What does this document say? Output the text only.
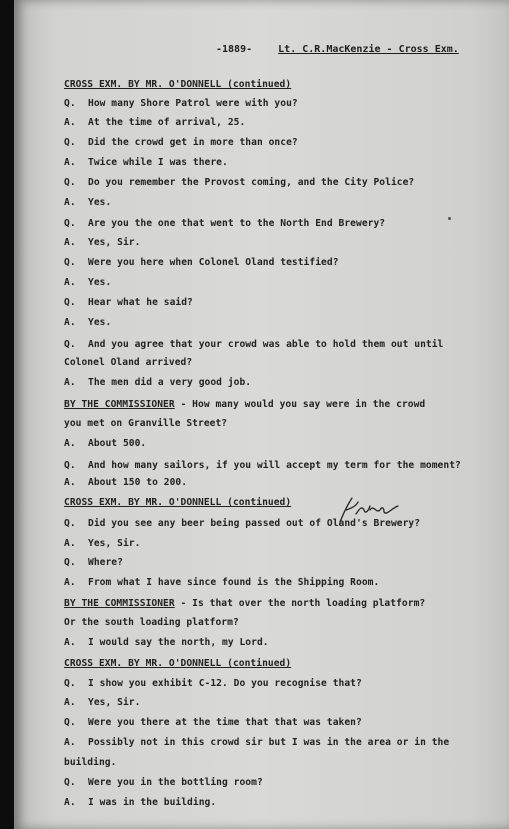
-1889-	Lt. C.R.MacKenzie - Cross Exm.
CROSS EXM. BY MR. O'DONNELL (continued)
Q. How many Shore Patrol were with you?
A. At the time of arrival, 25.
Q. Did the crowd get in more than once?
A. Twice while I was there.
Q. Do you remember the Provost coming, and the City Police?
A. Yes.
Q. Are you the one that went to the North End Brewery?
A. Yes, Sir.
Q. Were you here when Colonel Oland testified?
A. Yes.
Q. Hear what he said?
A. Yes.
Q. And you agree that your crowd was able to hold them out until
Colonel Oland arrived?
A. The men did a very good job.
BY THE COMMISSIONER - How many would you say were in the crowd
you met on Granville Street?
A. About 500.
Q. And how many sailors, if you will accept my term for the moment?
A. About 150 to 200.
CROSS EXM. BY MR. O'DONNELL (continued)
Q. Did you see any beer being passed out of Oland's Brewery?
A. Yes, Sir.
Q. Where?
A. From what I have since found is the Shipping Room.
BY THE COMMISSIONER - Is that over the north loading platform?
Or the south loading platform?
A. I would say the north, my Lord.
CROSS EXM. BY MR. O'DONNELL (continued)
Q. I show you exhibit C-12. Do you recognise that?
A. Yes, Sir.
Q. Were you there at the time that that was taken?
A. Possibly not in this crowd sir but I was in the area or in the
building.
Q. Were you in the bottling room?
A. I was in the building.
